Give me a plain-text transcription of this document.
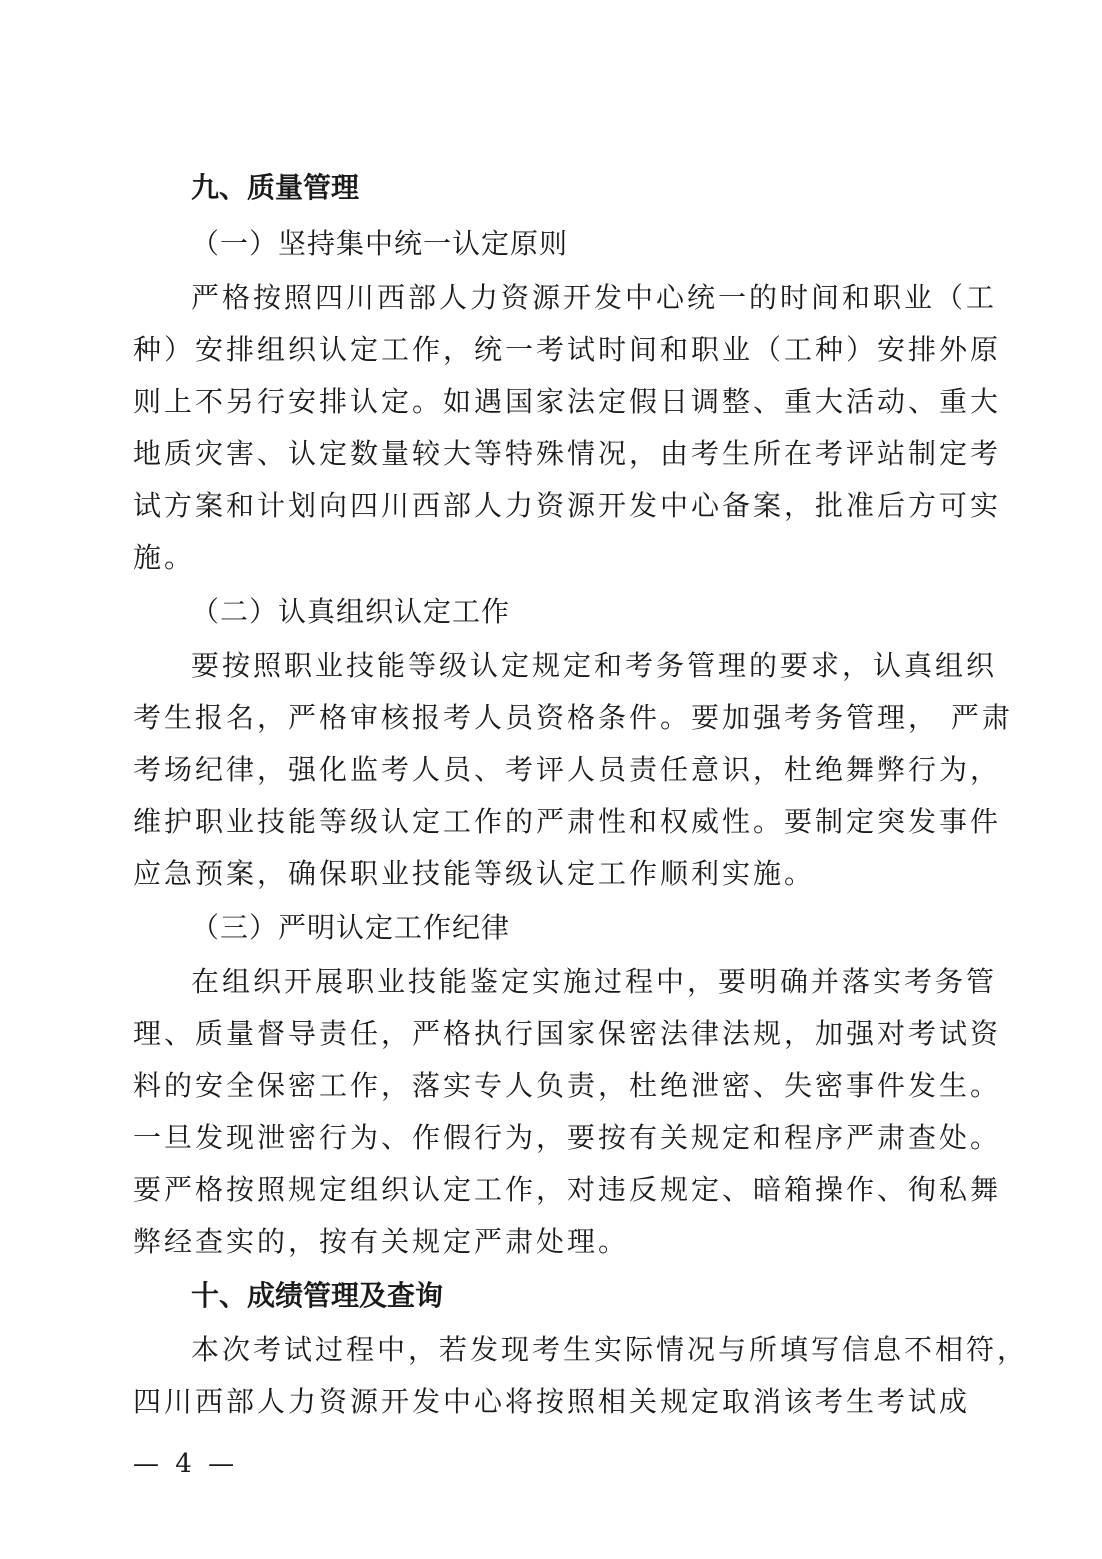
九、质量管理
（一）坚持集中统一认定原则
严格按照四川西部人力资源开发中心统一的时间和职业（工
种）安排组织认定工作，统一考试时间和职业（工种）安排外原
则上不另行安排认定。如遇国家法定假日调整、重大活动、重大
地质灾害、认定数量较大等特殊情况，由考生所在考评站制定考
试方案和计划向四川西部人力资源开发中心备案，批准后方可实
施。
（二）认真组织认定工作
要按照职业技能等级认定规定和考务管理的要求，认真组织
考生报名，严格审核报考人员资格条件。要加强考务管理， 严肃
考场纪律，强化监考人员、考评人员责任意识，杜绝舞弊行为，
维护职业技能等级认定工作的严肃性和权威性。要制定突发事件
应急预案，确保职业技能等级认定工作顺利实施。
（三）严明认定工作纪律
在组织开展职业技能鉴定实施过程中，要明确并落实考务管
理、质量督导责任，严格执行国家保密法律法规，加强对考试资
料的安全保密工作，落实专人负责，杜绝泄密、失密事件发生。
一旦发现泄密行为、作假行为，要按有关规定和程序严肃查处。
要严格按照规定组织认定工作，对违反规定、暗箱操作、徇私舞
弊经查实的，按有关规定严肃处理。
十、成绩管理及查询
本次考试过程中，若发现考生实际情况与所填写信息不相符，
四川西部人力资源开发中心将按照相关规定取消该考生考试成
— 4 —
